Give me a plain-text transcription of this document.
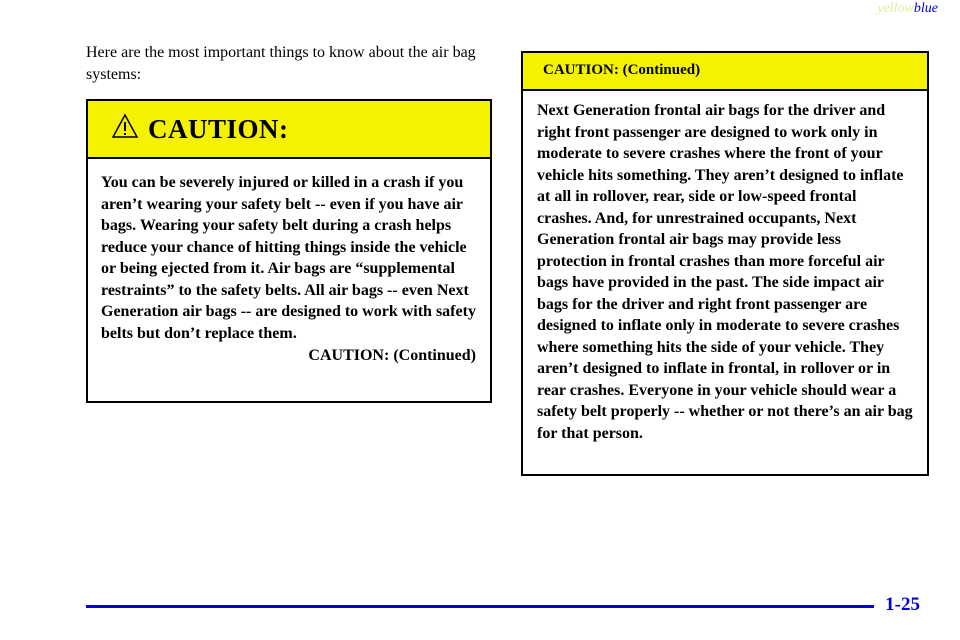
yellowblue
Here are the most important things to know about the air bag systems:
CAUTION:
You can be severely injured or killed in a crash if you aren’t wearing your safety belt -- even if you have air bags. Wearing your safety belt during a crash helps reduce your chance of hitting things inside the vehicle or being ejected from it. Air bags are “supplemental restraints” to the safety belts. All air bags -- even Next Generation air bags -- are designed to work with safety belts but don’t replace them.
CAUTION: (Continued)
CAUTION: (Continued)
Next Generation frontal air bags for the driver and right front passenger are designed to work only in moderate to severe crashes where the front of your vehicle hits something. They aren’t designed to inflate at all in rollover, rear, side or low-speed frontal crashes. And, for unrestrained occupants, Next Generation frontal air bags may provide less protection in frontal crashes than more forceful air bags have provided in the past. The side impact air bags for the driver and right front passenger are designed to inflate only in moderate to severe crashes where something hits the side of your vehicle. They aren’t designed to inflate in frontal, in rollover or in rear crashes. Everyone in your vehicle should wear a safety belt properly -- whether or not there’s an air bag for that person.
1-25
